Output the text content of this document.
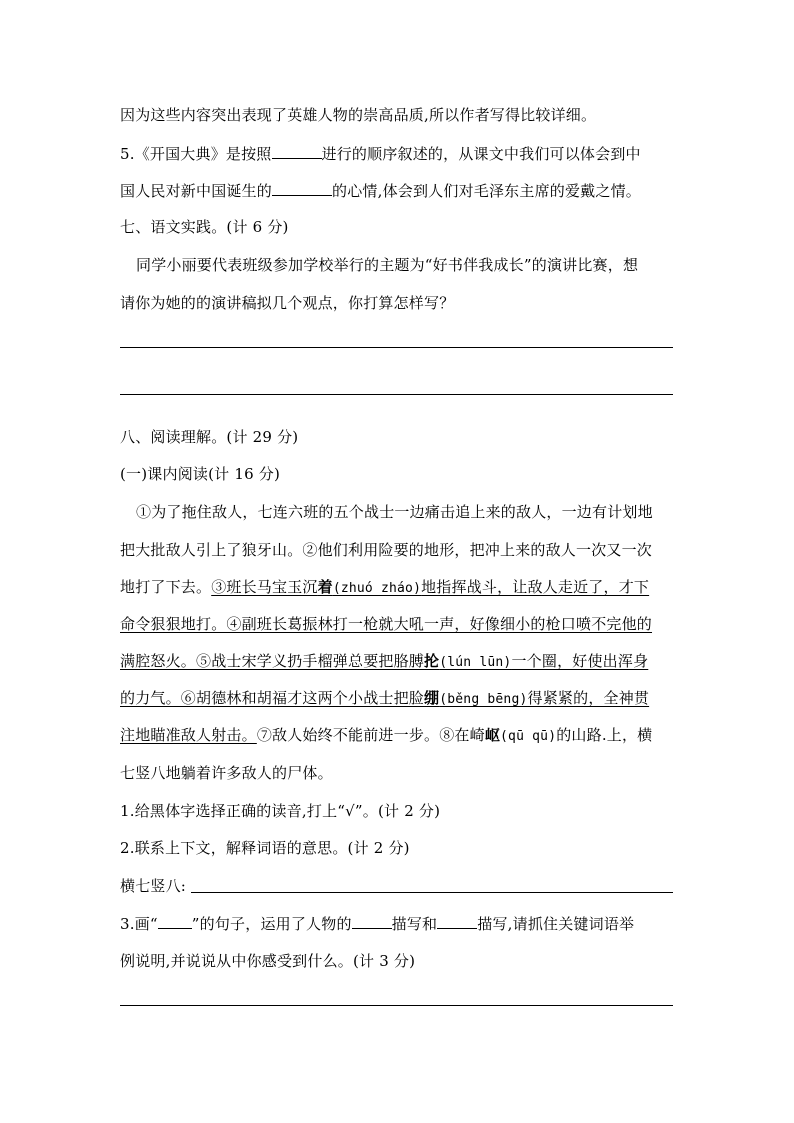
因为这些内容突出表现了英雄人物的崇高品质,所以作者写得比较详细。
5.《开国大典》是按照	进行的顺序叙述的，从课文中我们可以体会到中
国人民对新中国诞生的	的心情,体会到人们对毛泽东主席的爱戴之情。
七、语文实践。(计 6 分)
同学小丽要代表班级参加学校举行的主题为“好书伴我成长”的演讲比赛，想
请你为她的的演讲稿拟几个观点，你打算怎样写？
八、阅读理解。(计 29 分)
(一)课内阅读(计 16 分)
①为了拖住敌人，七连六班的五个战士一边痛击追上来的敌人，一边有计划地
把大批敌人引上了狼牙山。②他们利用险要的地形，把冲上来的敌人一次又一次
地打了下去。③班长马宝玉沉着(zhuó zháo)地指挥战斗，让敌人走近了，才下
命令狠狠地打。④副班长葛振林打一枪就大吼一声，好像细小的枪口喷不完他的
满腔怒火。⑤战士宋学义扔手榴弹总要把胳膊抡(lún lūn)一个圈，好使出浑身
的力气。⑥胡德林和胡福才这两个小战士把脸绷(běng bēng)得紧紧的，全神贯
注地瞄准敌人射击。⑦敌人始终不能前进一步。⑧在崎岖(qū qū)的山路.上，横
七竖八地躺着许多敌人的尸体。
1.给黑体字选择正确的读音,打上“√”。(计 2 分)
2.联系上下文，解释词语的意思。(计 2 分)
横七竖八:
3.画“ ”的句子，运用了人物的	描写和	描写,请抓住关键词语举
例说明,并说说从中你感受到什么。(计 3 分)
